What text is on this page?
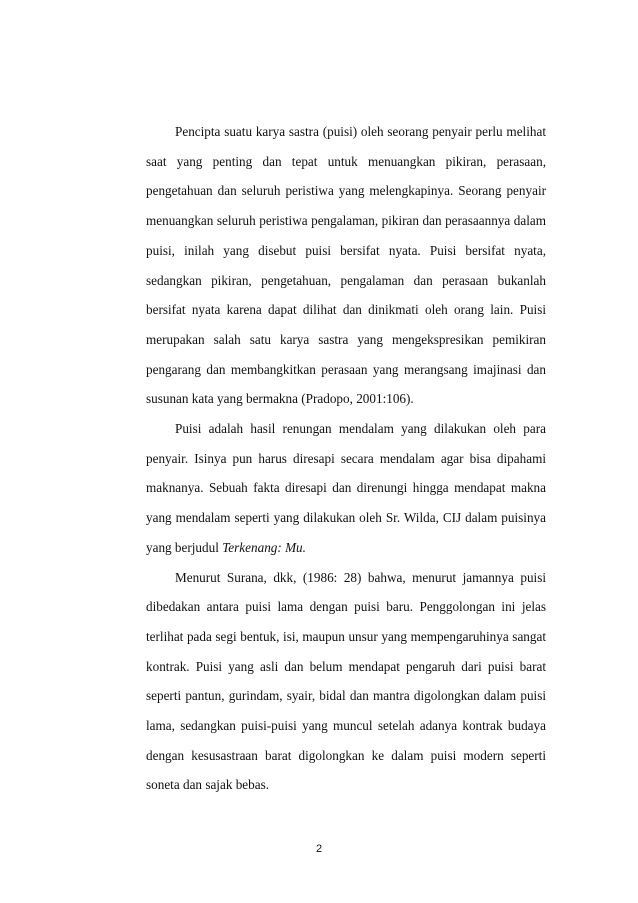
Pencipta suatu karya sastra (puisi) oleh seorang penyair perlu melihat saat yang penting dan tepat untuk menuangkan pikiran, perasaan, pengetahuan dan seluruh peristiwa yang melengkapinya. Seorang penyair menuangkan seluruh peristiwa pengalaman, pikiran dan perasaannya dalam puisi, inilah yang disebut puisi bersifat nyata. Puisi bersifat nyata, sedangkan pikiran, pengetahuan, pengalaman dan perasaan bukanlah bersifat nyata karena dapat dilihat dan dinikmati oleh orang lain. Puisi merupakan salah satu karya sastra yang mengekspresikan pemikiran pengarang dan membangkitkan perasaan yang merangsang imajinasi dan susunan kata yang bermakna (Pradopo, 2001:106).

Puisi adalah hasil renungan mendalam yang dilakukan oleh para penyair. Isinya pun harus diresapi secara mendalam agar bisa dipahami maknanya. Sebuah fakta diresapi dan direnungi hingga mendapat makna yang mendalam seperti yang dilakukan oleh Sr. Wilda, CIJ dalam puisinya yang berjudul Terkenang: Mu.

Menurut Surana, dkk, (1986: 28) bahwa, menurut jamannya puisi dibedakan antara puisi lama dengan puisi baru. Penggolongan ini jelas terlihat pada segi bentuk, isi, maupun unsur yang mempengaruhinya sangat kontrak. Puisi yang asli dan belum mendapat pengaruh dari puisi barat seperti pantun, gurindam, syair, bidal dan mantra digolongkan dalam puisi lama, sedangkan puisi-puisi yang muncul setelah adanya kontrak budaya dengan kesusastraan barat digolongkan ke dalam puisi modern seperti soneta dan sajak bebas.

2
